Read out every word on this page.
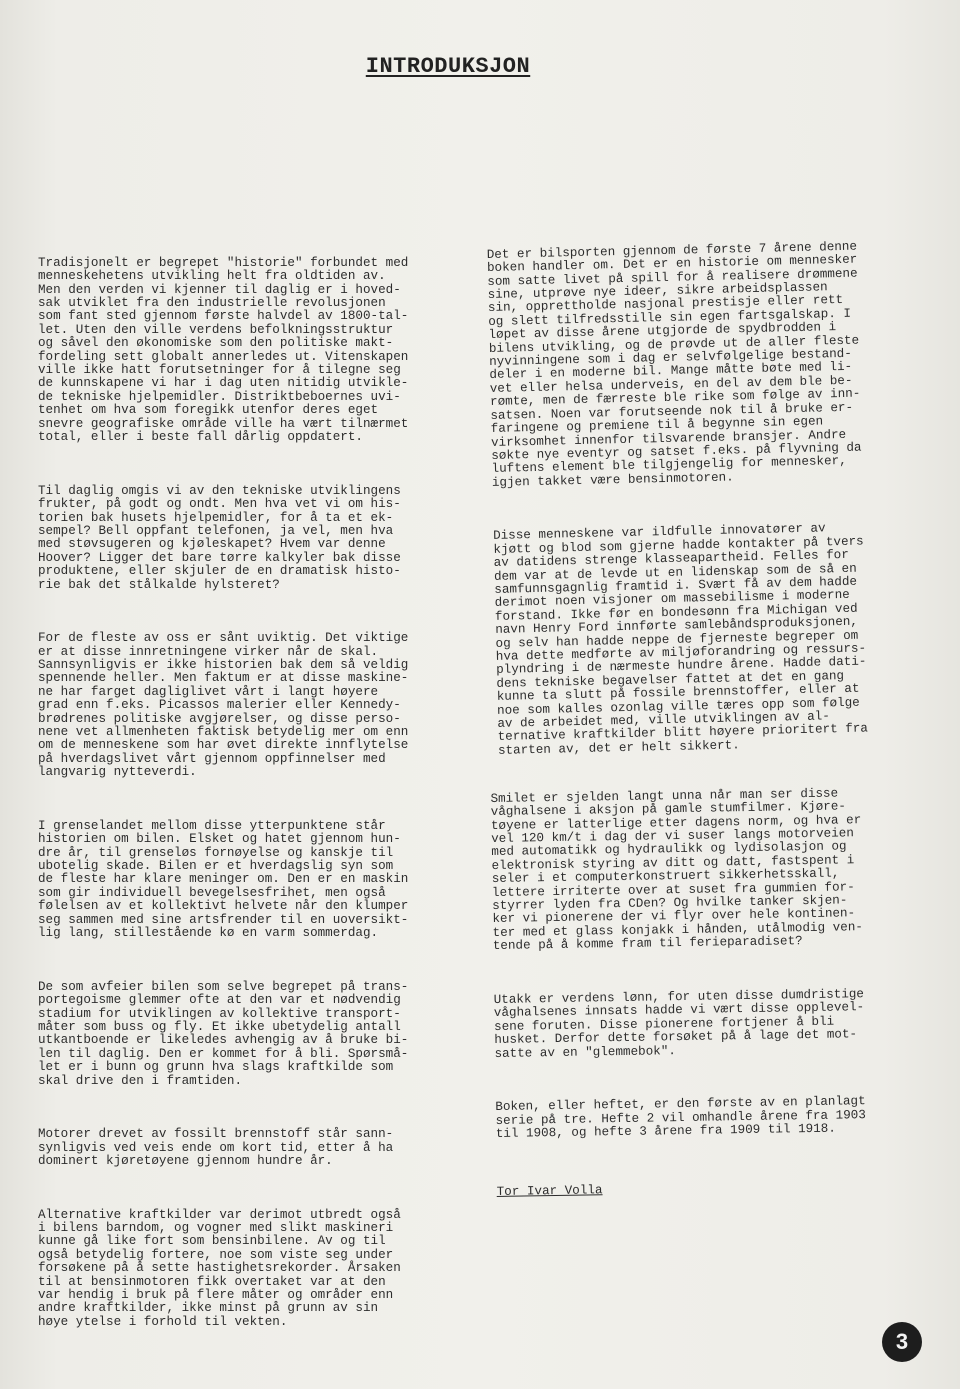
INTRODUKSJON

Tradisjonelt er begrepet "historie" forbundet med
menneskehetens utvikling helt fra oldtiden av.
Men den verden vi kjenner til daglig er i hoved-
sak utviklet fra den industrielle revolusjonen
som fant sted gjennom første halvdel av 1800-tal-
let. Uten den ville verdens befolkningsstruktur
og såvel den økonomiske som den politiske makt-
fordeling sett globalt annerledes ut. Vitenskapen
ville ikke hatt forutsetninger for å tilegne seg
de kunnskapene vi har i dag uten nitidig utvikle-
de tekniske hjelpemidler. Distriktbeboernes uvi-
tenhet om hva som foregikk utenfor deres eget
snevre geografiske område ville ha vært tilnærmet
total, eller i beste fall dårlig oppdatert.

Til daglig omgis vi av den tekniske utviklingens
frukter, på godt og ondt. Men hva vet vi om his-
torien bak husets hjelpemidler, for å ta et ek-
sempel? Bell oppfant telefonen, ja vel, men hva
med støvsugeren og kjøleskapet? Hvem var denne
Hoover? Ligger det bare tørre kalkyler bak disse
produktene, eller skjuler de en dramatisk histo-
rie bak det stålkalde hylsteret?

For de fleste av oss er sånt uviktig. Det viktige
er at disse innretningene virker når de skal.
Sannsynligvis er ikke historien bak dem så veldig
spennende heller. Men faktum er at disse maskine-
ne har farget dagliglivet vårt i langt høyere
grad enn f.eks. Picassos malerier eller Kennedy-
brødrenes politiske avgjørelser, og disse perso-
nene vet allmenheten faktisk betydelig mer om enn
om de menneskene som har øvet direkte innflytelse
på hverdagslivet vårt gjennom oppfinnelser med
langvarig nytteverdi.

I grenselandet mellom disse ytterpunktene står
historien om bilen. Elsket og hatet gjennom hun-
dre år, til grenseløs fornøyelse og kanskje til
ubotelig skade. Bilen er et hverdagslig syn som
de fleste har klare meninger om. Den er en maskin
som gir individuell bevegelsesfrihet, men også
følelsen av et kollektivt helvete når den klumper
seg sammen med sine artsfrender til en uoversikt-
lig lang, stillestående kø en varm sommerdag.

De som avfeier bilen som selve begrepet på trans-
portegoisme glemmer ofte at den var et nødvendig
stadium for utviklingen av kollektive transport-
måter som buss og fly. Et ikke ubetydelig antall
utkantboende er likeledes avhengig av å bruke bi-
len til daglig. Den er kommet for å bli. Spørsmå-
let er i bunn og grunn hva slags kraftkilde som
skal drive den i framtiden.

Motorer drevet av fossilt brennstoff står sann-
synligvis ved veis ende om kort tid, etter å ha
dominert kjøretøyene gjennom hundre år.

Alternative kraftkilder var derimot utbredt også
i bilens barndom, og vogner med slikt maskineri
kunne gå like fort som bensinbilene. Av og til
også betydelig fortere, noe som viste seg under
forsøkene på å sette hastighetsrekorder. Årsaken
til at bensinmotoren fikk overtaket var at den
var hendig i bruk på flere måter og områder enn
andre kraftkilder, ikke minst på grunn av sin
høye ytelse i forhold til vekten.

Det er bilsporten gjennom de første 7 årene denne
boken handler om. Det er en historie om mennesker
som satte livet på spill for å realisere drømmene
sine, utprøve nye ideer, sikre arbeidsplassen
sin, opprettholde nasjonal prestisje eller rett
og slett tilfredsstille sin egen fartsgalskap. I
løpet av disse årene utgjorde de spydbrodden i
bilens utvikling, og de prøvde ut de aller fleste
nyvinningene som i dag er selvfølgelige bestand-
deler i en moderne bil. Mange måtte bøte med li-
vet eller helsa underveis, en del av dem ble be-
rømte, men de færreste ble rike som følge av inn-
satsen. Noen var forutseende nok til å bruke er-
faringene og premiene til å begynne sin egen
virksomhet innenfor tilsvarende bransjer. Andre
søkte nye eventyr og satset f.eks. på flyvning da
luftens element ble tilgjengelig for mennesker,
igjen takket være bensinmotoren.

Disse menneskene var ildfulle innovatører av
kjøtt og blod som gjerne hadde kontakter på tvers
av datidens strenge klasseapartheid. Felles for
dem var at de levde ut en lidenskap som de så en
samfunnsgagnlig framtid i. Svært få av dem hadde
derimot noen visjoner om massebilisme i moderne
forstand. Ikke før en bondesønn fra Michigan ved
navn Henry Ford innførte samlebåndsproduksjonen,
og selv han hadde neppe de fjerneste begreper om
hva dette medførte av miljøforandring og ressurs-
plyndring i de nærmeste hundre årene. Hadde dati-
dens tekniske begavelser fattet at det en gang
kunne ta slutt på fossile brennstoffer, eller at
noe som kalles ozonlag ville tæres opp som følge
av de arbeidet med, ville utviklingen av al-
ternative kraftkilder blitt høyere prioritert fra
starten av, det er helt sikkert.

Smilet er sjelden langt unna når man ser disse
våghalsene i aksjon på gamle stumfilmer. Kjøre-
tøyene er latterlige etter dagens norm, og hva er
vel 120 km/t i dag der vi suser langs motorveien
med automatikk og hydraulikk og lydisolasjon og
elektronisk styring av ditt og datt, fastspent i
seler i et computerkonstruert sikkerhetsskall,
lettere irriterte over at suset fra gummien for-
styrrer lyden fra CDen? Og hvilke tanker skjen-
ker vi pionerene der vi flyr over hele kontinen-
ter med et glass konjakk i hånden, utålmodig ven-
tende på å komme fram til ferieparadiset?

Utakk er verdens lønn, for uten disse dumdristige
våghalsenes innsats hadde vi vært disse opplevel-
sene foruten. Disse pionerene fortjener å bli
husket. Derfor dette forsøket på å lage det mot-
satte av en "glemmebok".

Boken, eller heftet, er den første av en planlagt
serie på tre. Hefte 2 vil omhandle årene fra 1903
til 1908, og hefte 3 årene fra 1909 til 1918.

Tor Ivar Volla

3
